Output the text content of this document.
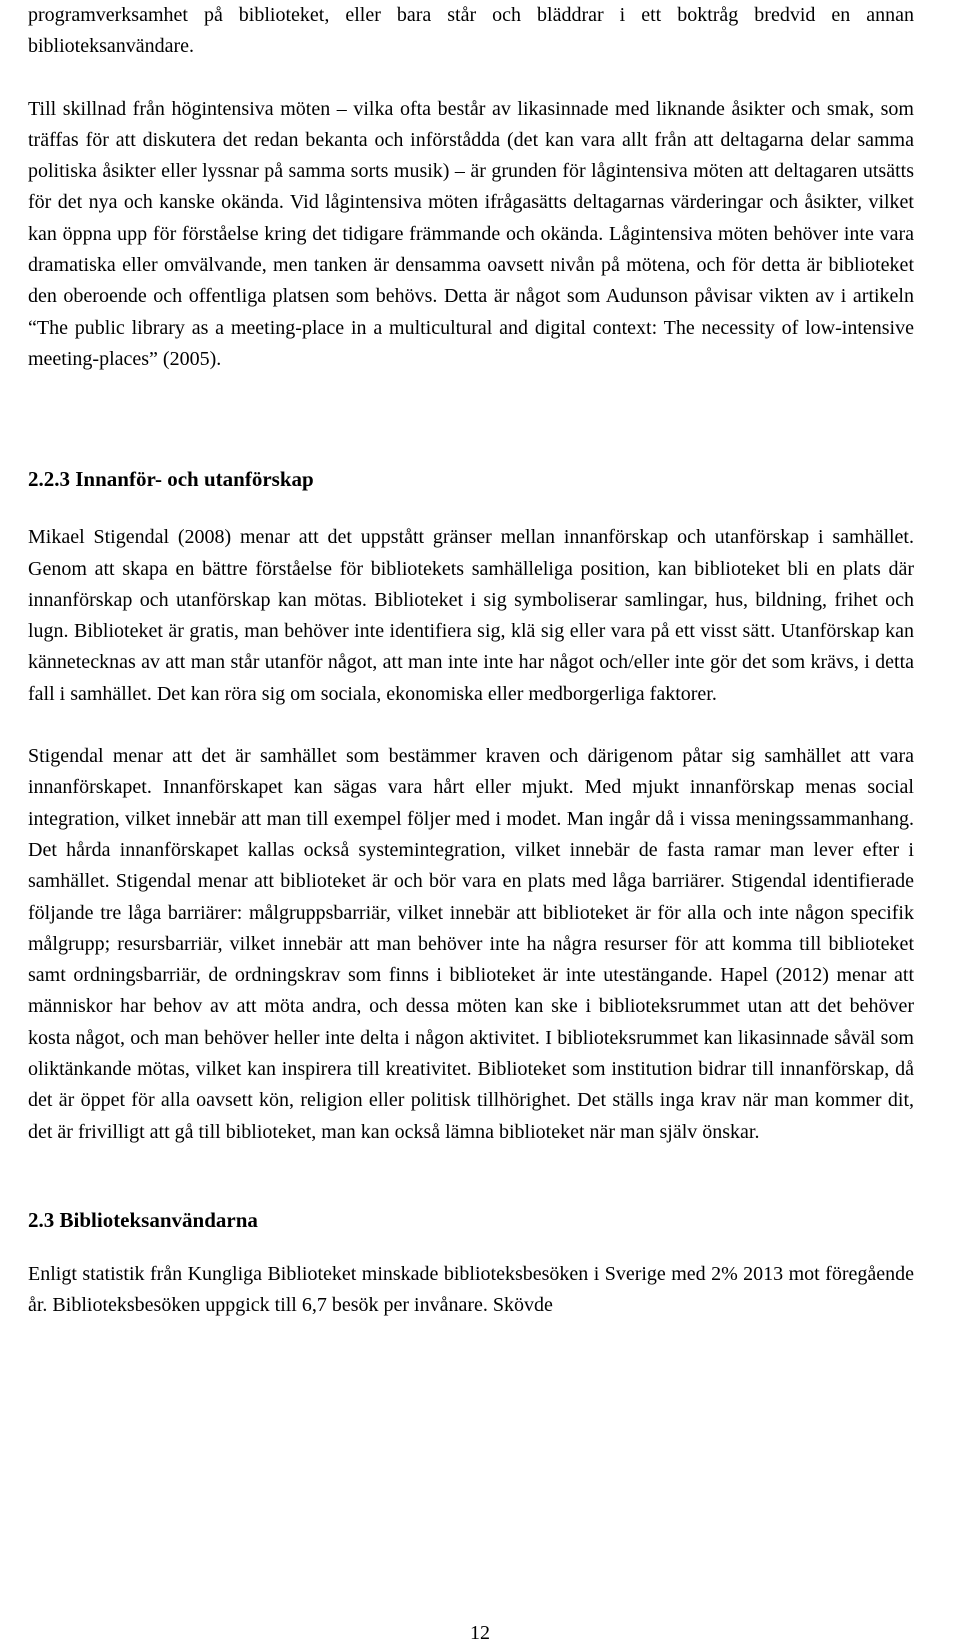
programverksamhet på biblioteket, eller bara står och bläddrar i ett boktråg bredvid en annan biblioteksanvändare.

Till skillnad från högintensiva möten – vilka ofta består av likasinnade med liknande åsikter och smak, som träffas för att diskutera det redan bekanta och införstådda (det kan vara allt från att deltagarna delar samma politiska åsikter eller lyssnar på samma sorts musik) – är grunden för lågintensiva möten att deltagaren utsätts för det nya och kanske okända. Vid lågintensiva möten ifrågasätts deltagarnas värderingar och åsikter, vilket kan öppna upp för förståelse kring det tidigare främmande och okända. Lågintensiva möten behöver inte vara dramatiska eller omvälvande, men tanken är densamma oavsett nivån på mötena, och för detta är biblioteket den oberoende och offentliga platsen som behövs. Detta är något som Audunson påvisar vikten av i artikeln “The public library as a meeting-place in a multicultural and digital context: The necessity of low-intensive meeting-places” (2005).

2.2.3 Innanför- och utanförskap

Mikael Stigendal (2008) menar att det uppstått gränser mellan innanförskap och utanförskap i samhället. Genom att skapa en bättre förståelse för bibliotekets samhälleliga position, kan biblioteket bli en plats där innanförskap och utanförskap kan mötas. Biblioteket i sig symboliserar samlingar, hus, bildning, frihet och lugn. Biblioteket är gratis, man behöver inte identifiera sig, klä sig eller vara på ett visst sätt. Utanförskap kan kännetecknas av att man står utanför något, att man inte inte har något och/eller inte gör det som krävs, i detta fall i samhället. Det kan röra sig om sociala, ekonomiska eller medborgerliga faktorer.

Stigendal menar att det är samhället som bestämmer kraven och därigenom påtar sig samhället att vara innanförskapet. Innanförskapet kan sägas vara hårt eller mjukt. Med mjukt innanförskap menas social integration, vilket innebär att man till exempel följer med i modet. Man ingår då i vissa meningssammanhang. Det hårda innanförskapet kallas också systemintegration, vilket innebär de fasta ramar man lever efter i samhället. Stigendal menar att biblioteket är och bör vara en plats med låga barriärer. Stigendal identifierade följande tre låga barriärer: målgruppsbarriär, vilket innebär att biblioteket är för alla och inte någon specifik målgrupp; resursbarriär, vilket innebär att man behöver inte ha några resurser för att komma till biblioteket samt ordningsbarriär, de ordningskrav som finns i biblioteket är inte utestängande. Hapel (2012) menar att människor har behov av att möta andra, och dessa möten kan ske i biblioteksrummet utan att det behöver kosta något, och man behöver heller inte delta i någon aktivitet. I biblioteksrummet kan likasinnade såväl som oliktänkande mötas, vilket kan inspirera till kreativitet. Biblioteket som institution bidrar till innanförskap, då det är öppet för alla oavsett kön, religion eller politisk tillhörighet. Det ställs inga krav när man kommer dit, det är frivilligt att gå till biblioteket, man kan också lämna biblioteket när man själv önskar.

2.3 Biblioteksanvändarna

Enligt statistik från Kungliga Biblioteket minskade biblioteksbesöken i Sverige med 2% 2013 mot föregående år. Biblioteksbesöken uppgick till 6,7 besök per invånare. Skövde

12
